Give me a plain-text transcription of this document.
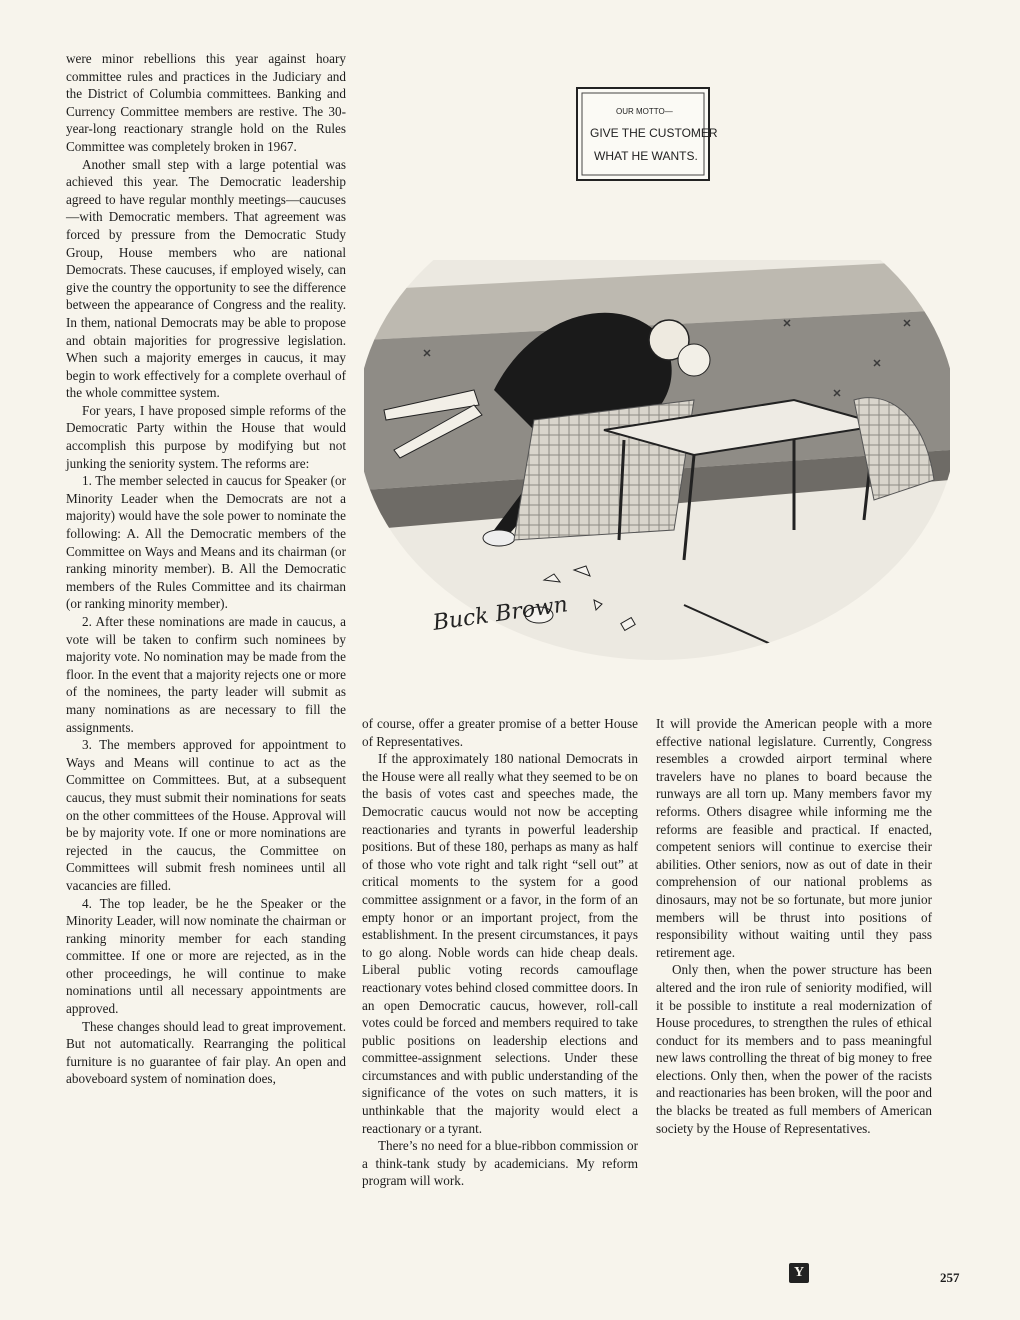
were minor rebellions this year against hoary committee rules and practices in the Judiciary and the District of Columbia committees. Banking and Currency Committee members are restive. The 30-year-long reactionary strangle hold on the Rules Committee was completely broken in 1967.

Another small step with a large potential was achieved this year. The Democratic leadership agreed to have regular monthly meetings—caucuses—with Democratic members. That agreement was forced by pressure from the Democratic Study Group, House members who are national Democrats. These caucuses, if employed wisely, can give the country the opportunity to see the difference between the appearance of Congress and the reality. In them, national Democrats may be able to propose and obtain majorities for progressive legislation. When such a majority emerges in caucus, it may begin to work effectively for a complete overhaul of the whole committee system.

For years, I have proposed simple reforms of the Democratic Party within the House that would accomplish this purpose by modifying but not junking the seniority system. The reforms are:

1. The member selected in caucus for Speaker (or Minority Leader when the Democrats are not a majority) would have the sole power to nominate the following: A. All the Democratic members of the Committee on Ways and Means and its chairman (or ranking minority member). B. All the Democratic members of the Rules Committee and its chairman (or ranking minority member).

2. After these nominations are made in caucus, a vote will be taken to confirm such nominees by majority vote. No nomination may be made from the floor. In the event that a majority rejects one or more of the nominees, the party leader will submit as many nominations as are necessary to fill the assignments.

3. The members approved for appointment to Ways and Means will continue to act as the Committee on Committees. But, at a subsequent caucus, they must submit their nominations for seats on the other committees of the House. Approval will be by majority vote. If one or more nominations are rejected in the caucus, the Committee on Committees will submit fresh nominees until all vacancies are filled.

4. The top leader, be he the Speaker or the Minority Leader, will now nominate the chairman or ranking minority member for each standing committee. If one or more are rejected, as in the other proceedings, he will continue to make nominations until all necessary appointments are approved.

These changes should lead to great improvement. But not automatically. Rearranging the political furniture is no guarantee of fair play. An open and aboveboard system of nomination does,

OUR MOTTO—
GIVE THE CUSTOMER
WHAT HE WANTS.
Buck Brown

of course, offer a greater promise of a better House of Representatives.

If the approximately 180 national Democrats in the House were all really what they seemed to be on the basis of votes cast and speeches made, the Democratic caucus would not now be accepting reactionaries and tyrants in powerful leadership positions. But of these 180, perhaps as many as half of those who vote right and talk right “sell out” at critical moments to the system for a good committee assignment or a favor, in the form of an empty honor or an important project, from the establishment. In the present circumstances, it pays to go along. Noble words can hide cheap deals. Liberal public voting records camouflage reactionary votes behind closed committee doors. In an open Democratic caucus, however, roll-call votes could be forced and members required to take public positions on leadership elections and committee-assignment selections. Under these circumstances and with public understanding of the significance of the votes on such matters, it is unthinkable that the majority would elect a reactionary or a tyrant.

There’s no need for a blue-ribbon commission or a think-tank study by academicians. My reform program will work.

It will provide the American people with a more effective national legislature. Currently, Congress resembles a crowded airport terminal where travelers have no planes to board because the runways are all torn up. Many members favor my reforms. Others disagree while informing me the reforms are feasible and practical. If enacted, competent seniors will continue to exercise their abilities. Other seniors, now as out of date in their comprehension of our national problems as dinosaurs, may not be so fortunate, but more junior members will be thrust into positions of responsibility without waiting until they pass retirement age.

Only then, when the power structure has been altered and the iron rule of seniority modified, will it be possible to institute a real modernization of House procedures, to strengthen the rules of ethical conduct for its members and to pass meaningful new laws controlling the threat of big money to free elections. Only then, when the power of the racists and reactionaries has been broken, will the poor and the blacks be treated as full members of American society by the House of Representatives.

Y	257
